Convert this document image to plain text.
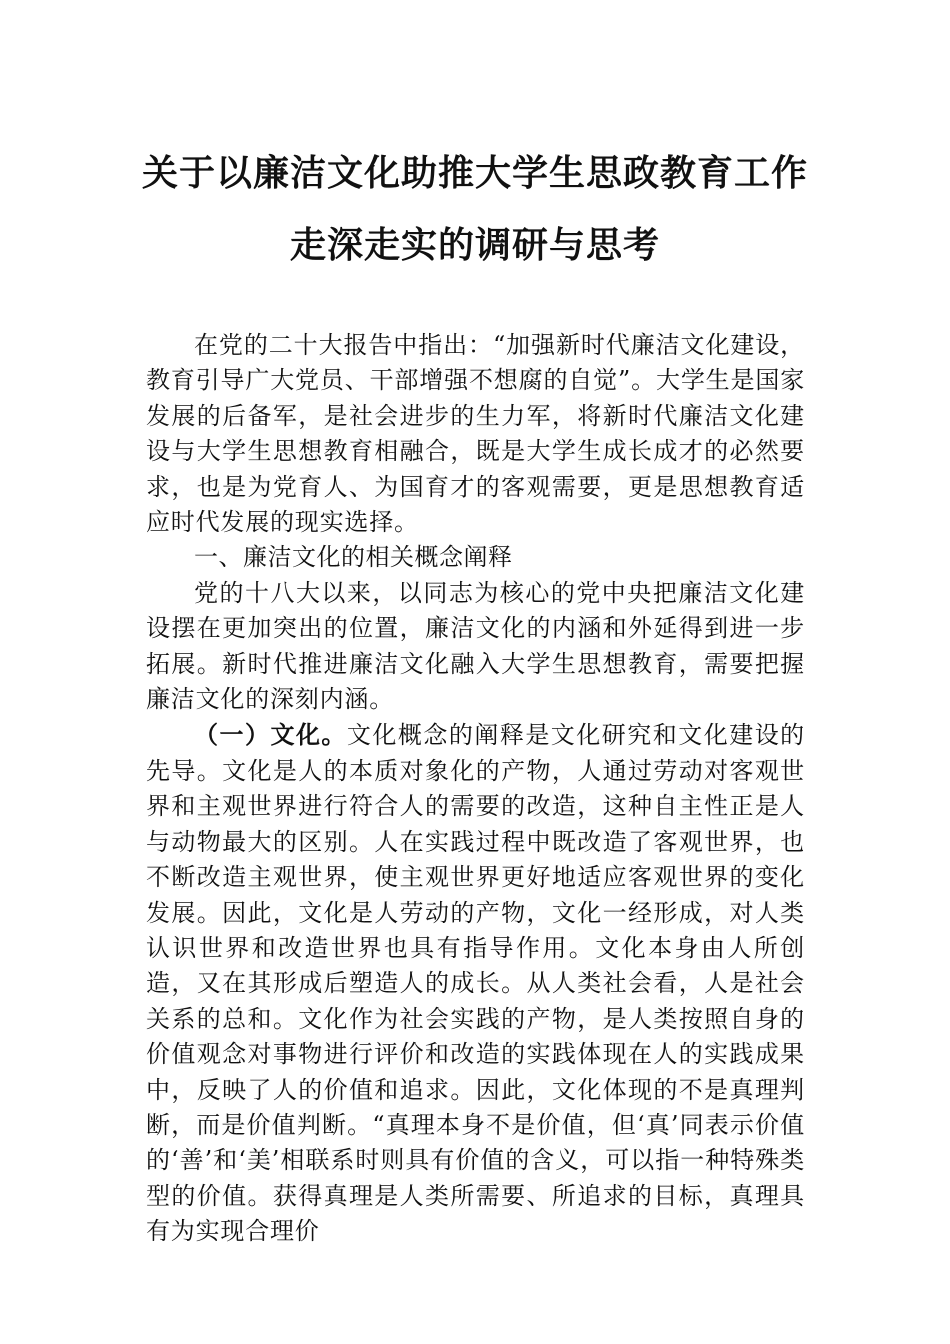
关于以廉洁文化助推大学生思政教育工作
走深走实的调研与思考

在党的二十大报告中指出：“加强新时代廉洁文化建设，教育引导广大党员、干部增强不想腐的自觉”。大学生是国家发展的后备军，是社会进步的生力军，将新时代廉洁文化建设与大学生思想教育相融合，既是大学生成长成才的必然要求，也是为党育人、为国育才的客观需要，更是思想教育适应时代发展的现实选择。

一、廉洁文化的相关概念阐释

党的十八大以来，以同志为核心的党中央把廉洁文化建设摆在更加突出的位置，廉洁文化的内涵和外延得到进一步拓展。新时代推进廉洁文化融入大学生思想教育，需要把握廉洁文化的深刻内涵。

（一）文化。文化概念的阐释是文化研究和文化建设的先导。文化是人的本质对象化的产物，人通过劳动对客观世界和主观世界进行符合人的需要的改造，这种自主性正是人与动物最大的区别。人在实践过程中既改造了客观世界，也不断改造主观世界，使主观世界更好地适应客观世界的变化发展。因此，文化是人劳动的产物，文化一经形成，对人类认识世界和改造世界也具有指导作用。文化本身由人所创造，又在其形成后塑造人的成长。从人类社会看，人是社会关系的总和。文化作为社会实践的产物，是人类按照自身的价值观念对事物进行评价和改造的实践体现在人的实践成果中，反映了人的价值和追求。因此，文化体现的不是真理判断，而是价值判断。“真理本身不是价值，但‘真’同表示价值的‘善’和‘美’相联系时则具有价值的含义，可以指一种特殊类型的价值。获得真理是人类所需要、所追求的目标，真理具有为实现合理价
